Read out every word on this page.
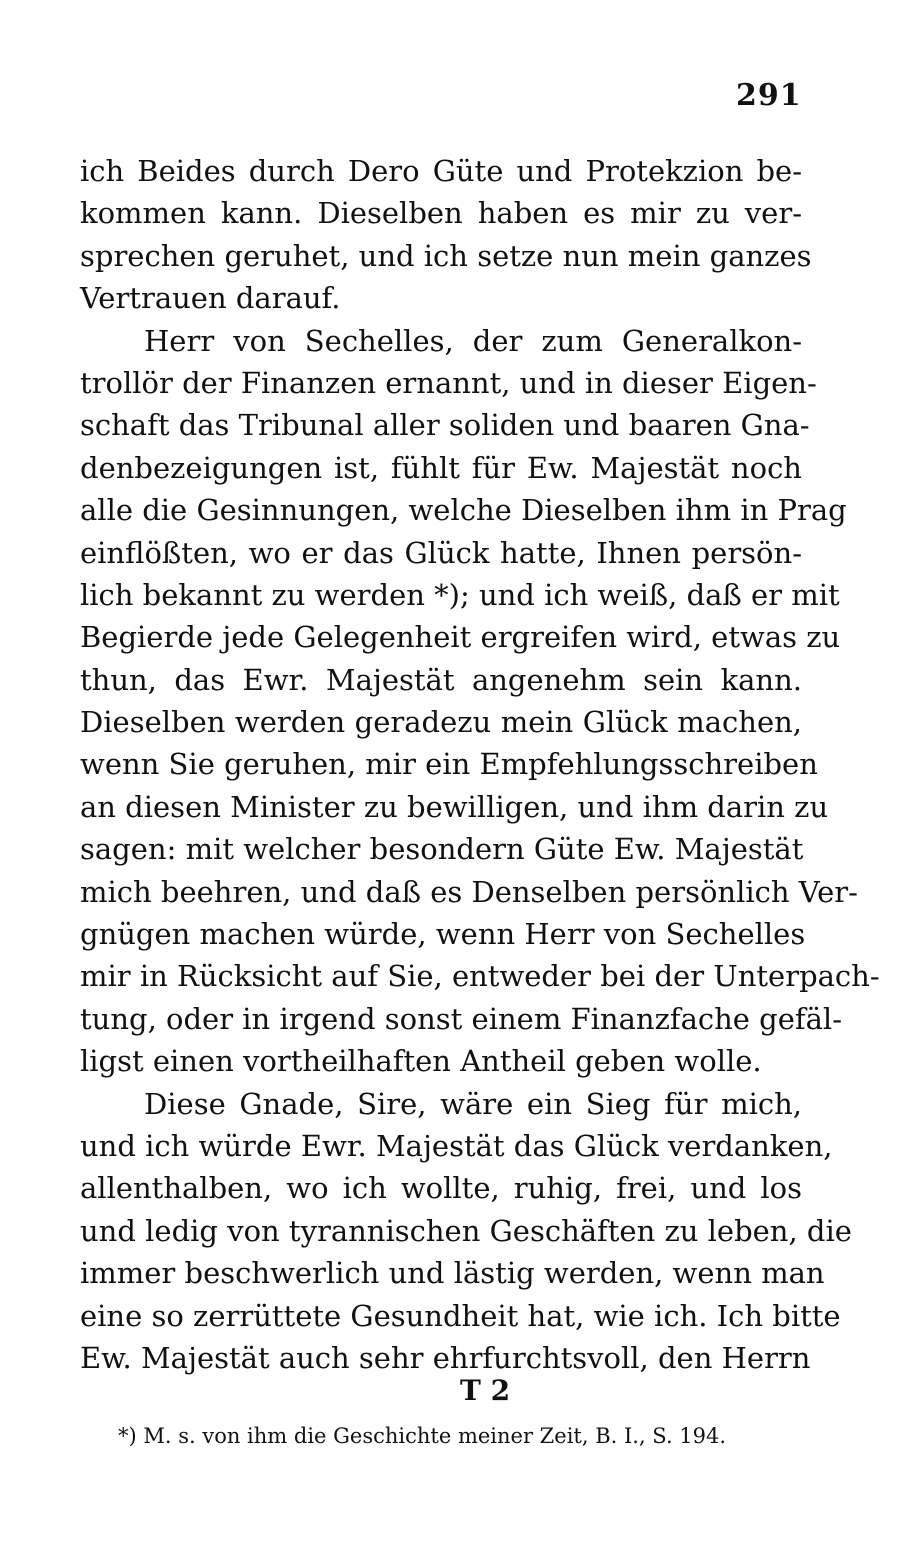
291
ich Beides durch Dero Güte und Protekzion be-
kommen kann. Dieselben haben es mir zu ver-
sprechen geruhet, und ich setze nun mein ganzes
Vertrauen darauf.
Herr von Sechelles, der zum Generalkon-
trollör der Finanzen ernannt, und in dieser Eigen-
schaft das Tribunal aller soliden und baaren Gna-
denbezeigungen ist, fühlt für Ew. Majestät noch
alle die Gesinnungen, welche Dieselben ihm in Prag
einflößten, wo er das Glück hatte, Ihnen persön-
lich bekannt zu werden *); und ich weiß, daß er mit
Begierde jede Gelegenheit ergreifen wird, etwas zu
thun, das Ewr. Majestät angenehm sein kann.
Dieselben werden geradezu mein Glück machen,
wenn Sie geruhen, mir ein Empfehlungsschreiben
an diesen Minister zu bewilligen, und ihm darin zu
sagen: mit welcher besondern Güte Ew. Majestät
mich beehren, und daß es Denselben persönlich Ver-
gnügen machen würde, wenn Herr von Sechelles
mir in Rücksicht auf Sie, entweder bei der Unterpach-
tung, oder in irgend sonst einem Finanzfache gefäl-
ligst einen vortheilhaften Antheil geben wolle.
Diese Gnade, Sire, wäre ein Sieg für mich,
und ich würde Ewr. Majestät das Glück verdanken,
allenthalben, wo ich wollte, ruhig, frei, und los
und ledig von tyrannischen Geschäften zu leben, die
immer beschwerlich und lästig werden, wenn man
eine so zerrüttete Gesundheit hat, wie ich. Ich bitte
Ew. Majestät auch sehr ehrfurchtsvoll, den Herrn
T 2
*) M. s. von ihm die Geschichte meiner Zeit, B. I., S. 194.
